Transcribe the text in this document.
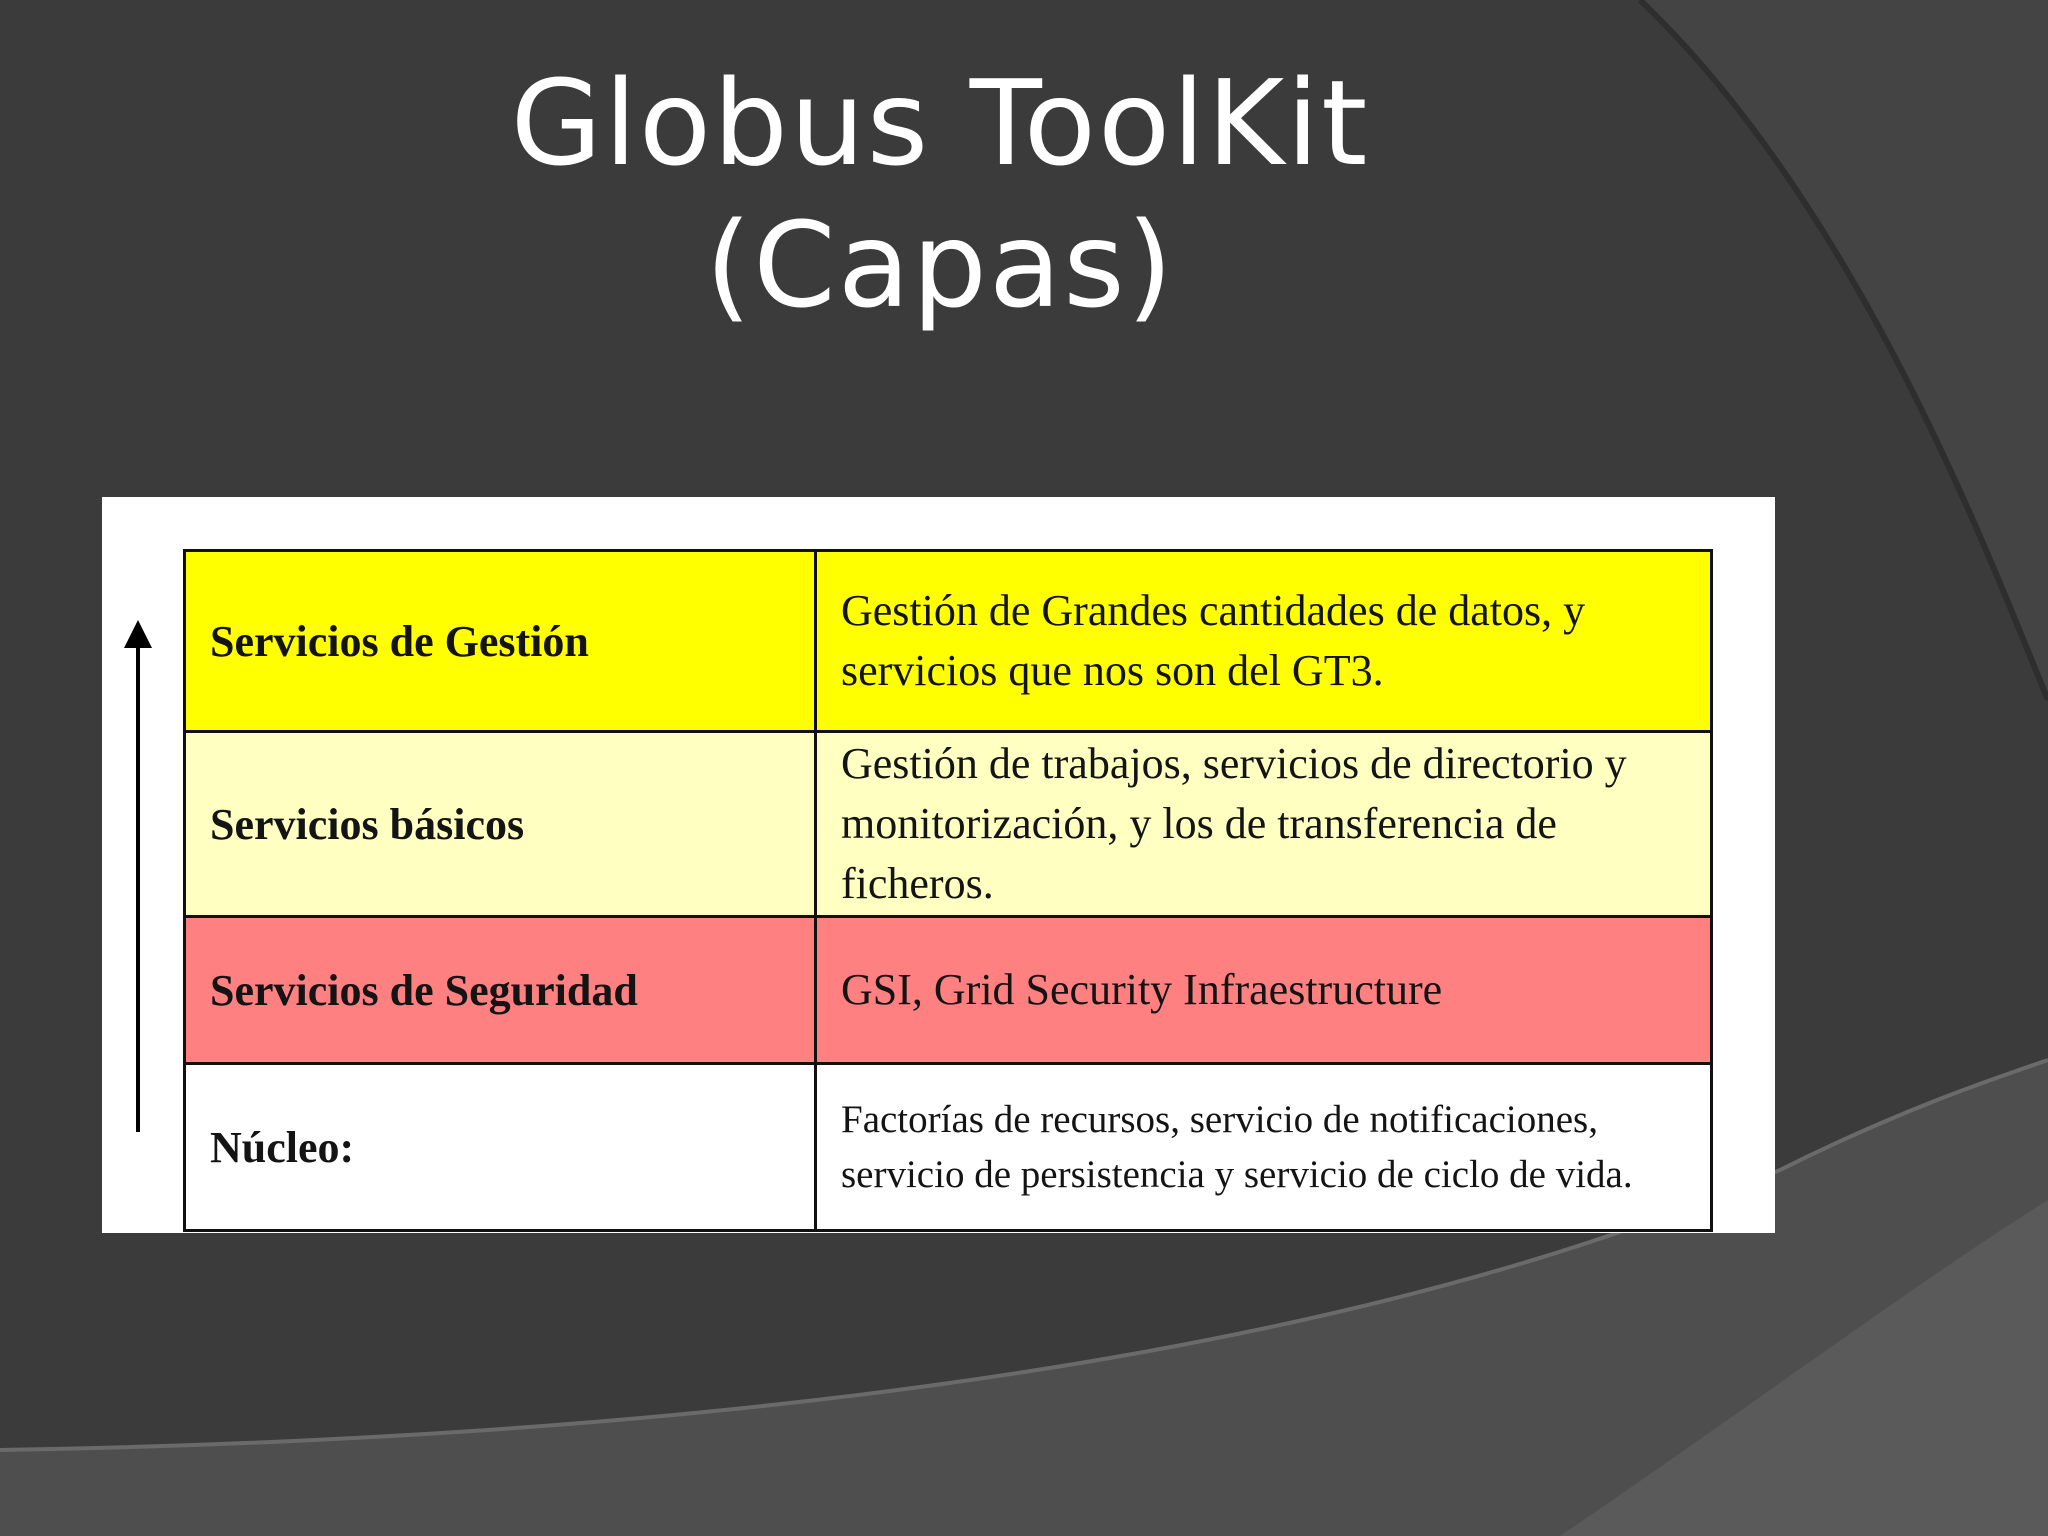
Globus ToolKit
(Capas)
Servicios de Gestión	Gestión de Grandes cantidades de datos, y servicios que nos son del GT3.
Servicios básicos	Gestión de trabajos, servicios de directorio y monitorización, y los de transferencia de ficheros.
Servicios de Seguridad	GSI, Grid Security Infraestructure
Núcleo:	Factorías de recursos, servicio de notificaciones, servicio de persistencia y servicio de ciclo de vida.
